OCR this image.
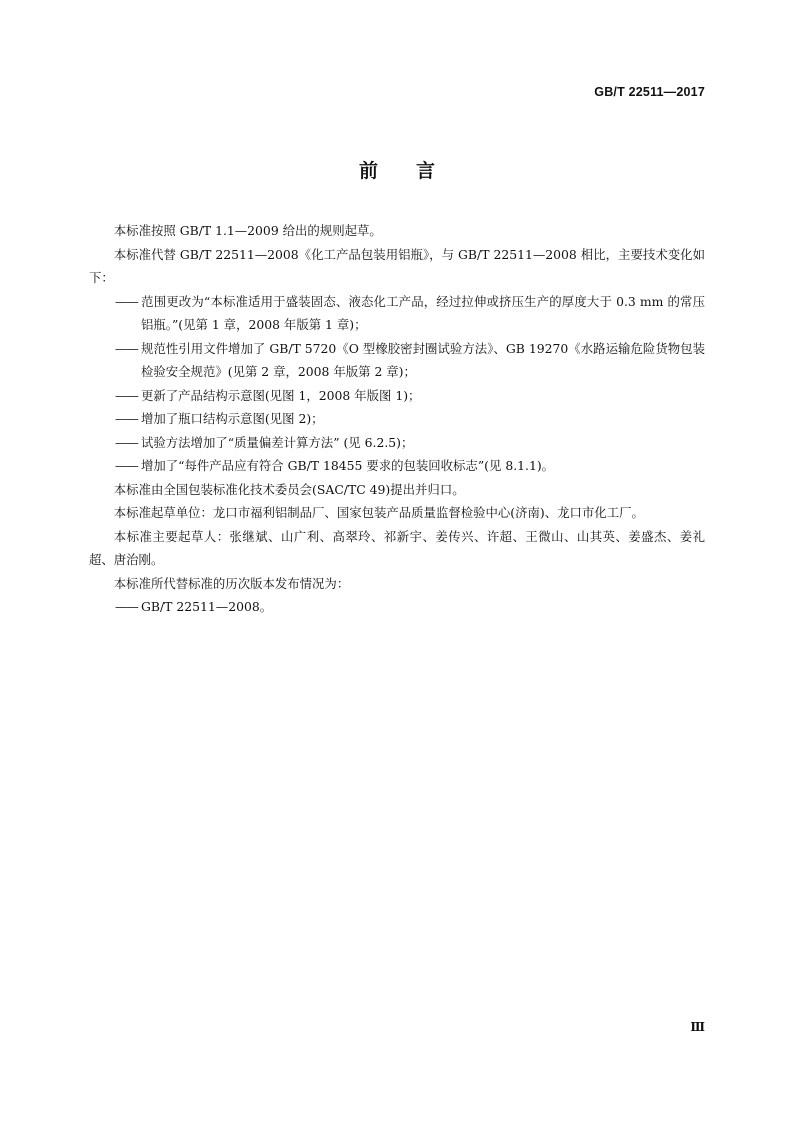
GB/T 22511—2017
前　　言

本标准按照 GB/T 1.1—2009 给出的规则起草。

本标准代替 GB/T 22511—2008《化工产品包装用铝瓶》，与 GB/T 22511—2008 相比，主要技术变化如下：

—— 范围更改为“本标准适用于盛装固态、液态化工产品，经过拉伸或挤压生产的厚度大于 0.3 mm 的常压铝瓶。”(见第 1 章，2008 年版第 1 章)；

—— 规范性引用文件增加了 GB/T 5720《O 型橡胶密封圈试验方法》、GB 19270《水路运输危险货物包装检验安全规范》(见第 2 章，2008 年版第 2 章)；

—— 更新了产品结构示意图(见图 1，2008 年版图 1)；

—— 增加了瓶口结构示意图(见图 2)；

—— 试验方法增加了“质量偏差计算方法” (见 6.2.5)；

—— 增加了“每件产品应有符合 GB/T 18455 要求的包装回收标志”(见 8.1.1)。

本标准由全国包装标准化技术委员会(SAC/TC 49)提出并归口。

本标准起草单位：龙口市福利铝制品厂、国家包装产品质量监督检验中心(济南)、龙口市化工厂。

本标准主要起草人：张继斌、山广利、高翠玲、祁新宇、姜传兴、许超、王微山、山其英、姜盛杰、姜礼超、唐治刚。

本标准所代替标准的历次版本发布情况为：

—— GB/T 22511—2008。

Ⅲ
